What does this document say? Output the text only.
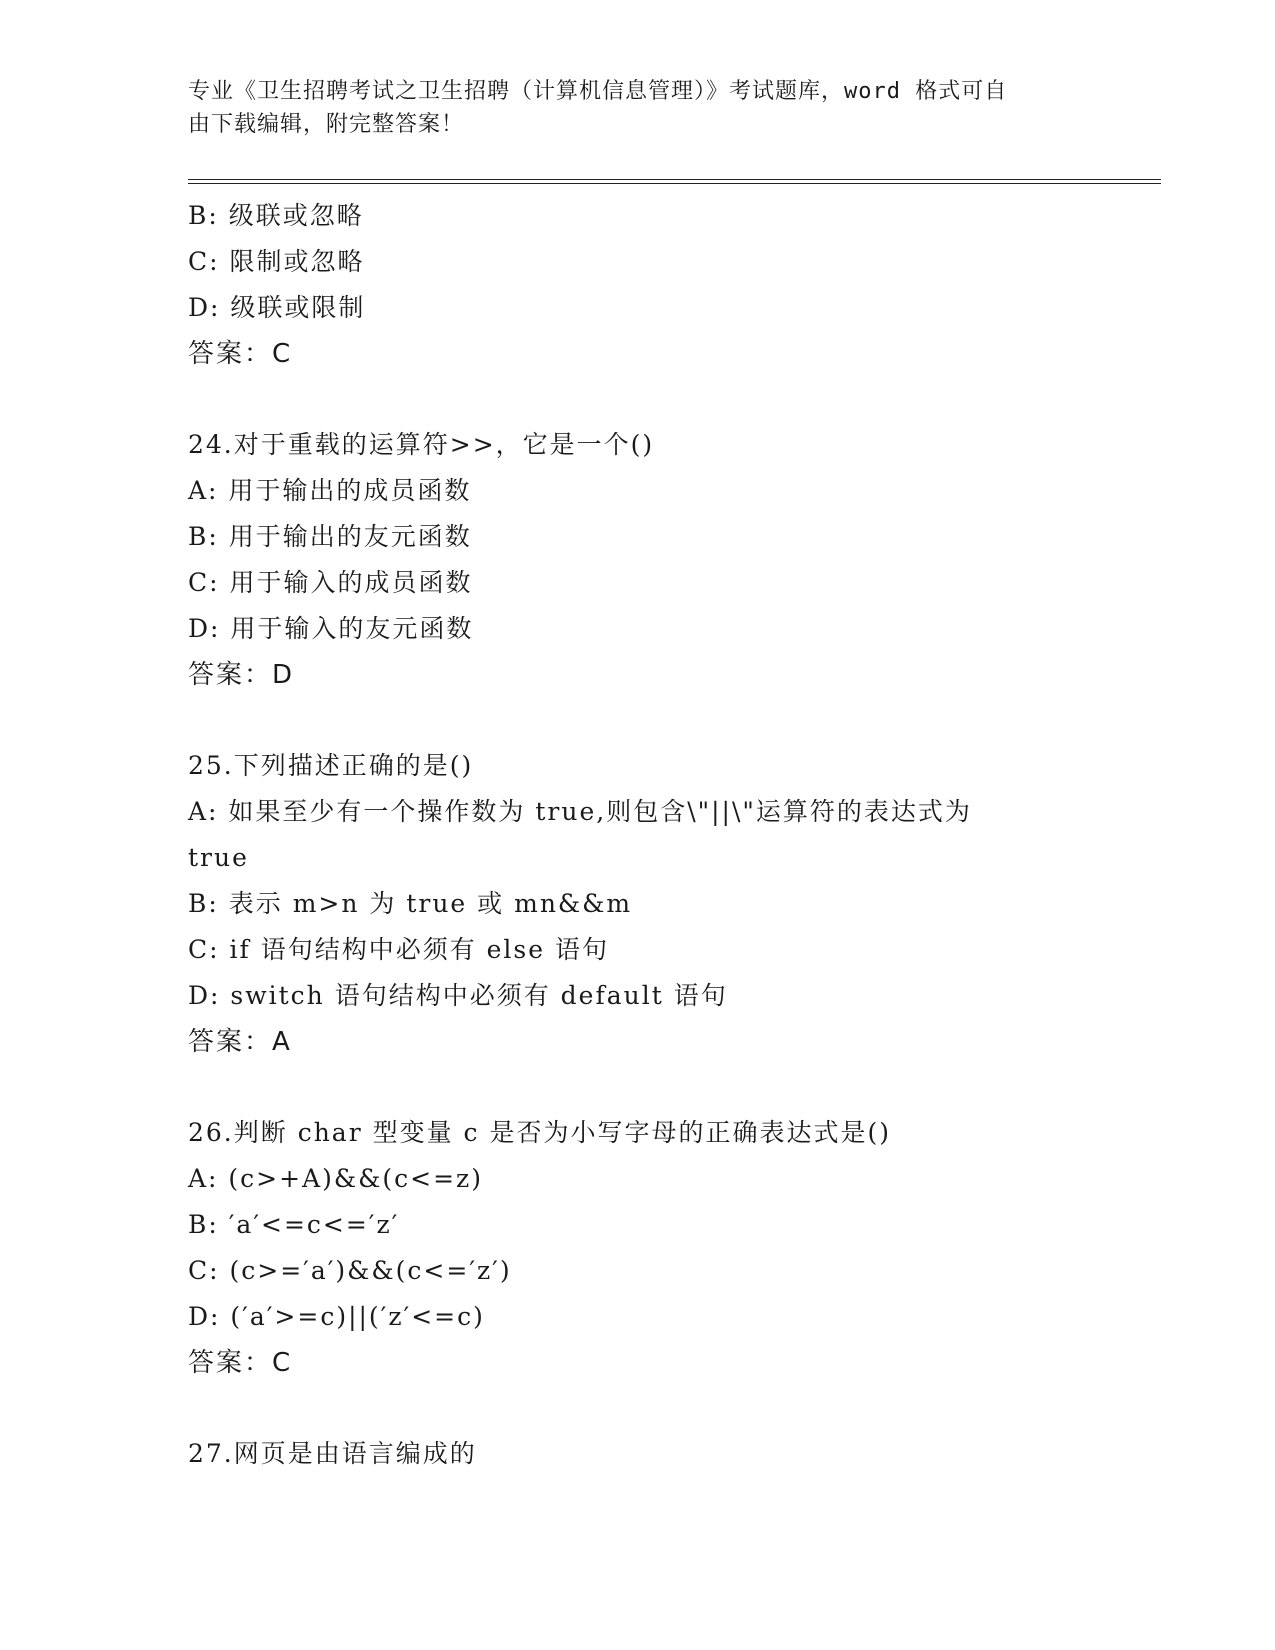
专业《卫生招聘考试之卫生招聘（计算机信息管理）》考试题库，word 格式可自
由下载编辑，附完整答案！
B: 级联或忽略
C: 限制或忽略
D: 级联或限制
答案：C
24.对于重载的运算符>>，它是一个()
A: 用于输出的成员函数
B: 用于输出的友元函数
C: 用于输入的成员函数
D: 用于输入的友元函数
答案：D
25.下列描述正确的是()
A: 如果至少有一个操作数为 true,则包含\"||\"运算符的表达式为
true
B: 表示 m>n 为 true 或 mn&&m
C: if 语句结构中必须有 else 语句
D: switch 语句结构中必须有 default 语句
答案：A
26.判断 char 型变量 c 是否为小写字母的正确表达式是()
A: (c>+A)&&(c<=z)
B: ′a′<=c<=′z′
C: (c>=′a′)&&(c<=′z′)
D: (′a′>=c)||(′z′<=c)
答案：C
27.网页是由语言编成的
